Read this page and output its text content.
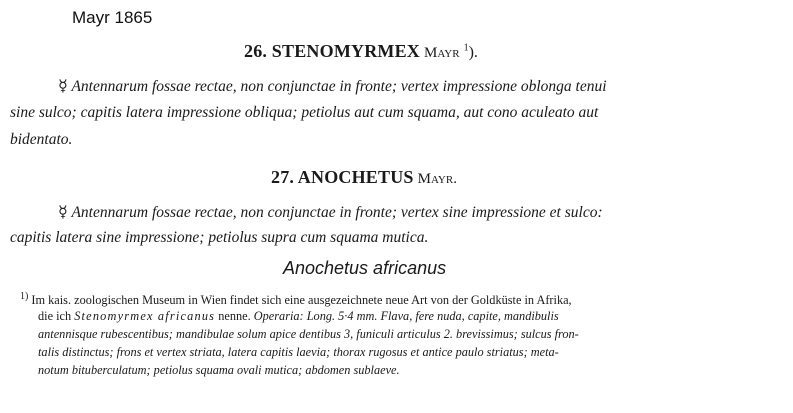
Mayr 1865
26. STENOMYRMEX Mayr $^1$).
☿ Antennarum fossae rectae, non conjunctae in fronte; vertex impressione oblonga tenui
sine sulco; capitis latera impressione obliqua; petiolus aut cum squama, aut cono aculeato aut
bidentato.
27. ANOCHETUS Mayr.
☿ Antennarum fossae rectae, non conjunctae in fronte; vertex sine impressione et sulco:
capitis latera sine impressione; petiolus supra cum squama mutica.
Anochetus africanus
$^{1)}$ Im kais. zoologischen Museum in Wien findet sich eine ausgezeichnete neue Art von der Goldküste in Afrika,
die ich Stenomyrmex africanus nenne. Operaria: Long. 5·4 mm. Flava, fere nuda, capite, mandibulis
antennisque rubescentibus; mandibulae solum apice dentibus 3, funiculi articulus 2. brevissimus; sulcus fron-
talis distinctus; frons et vertex striata, latera capitis laevia; thorax rugosus et antice paulo striatus; meta-
notum bituberculatum; petiolus squama ovali mutica; abdomen sublaeve.
